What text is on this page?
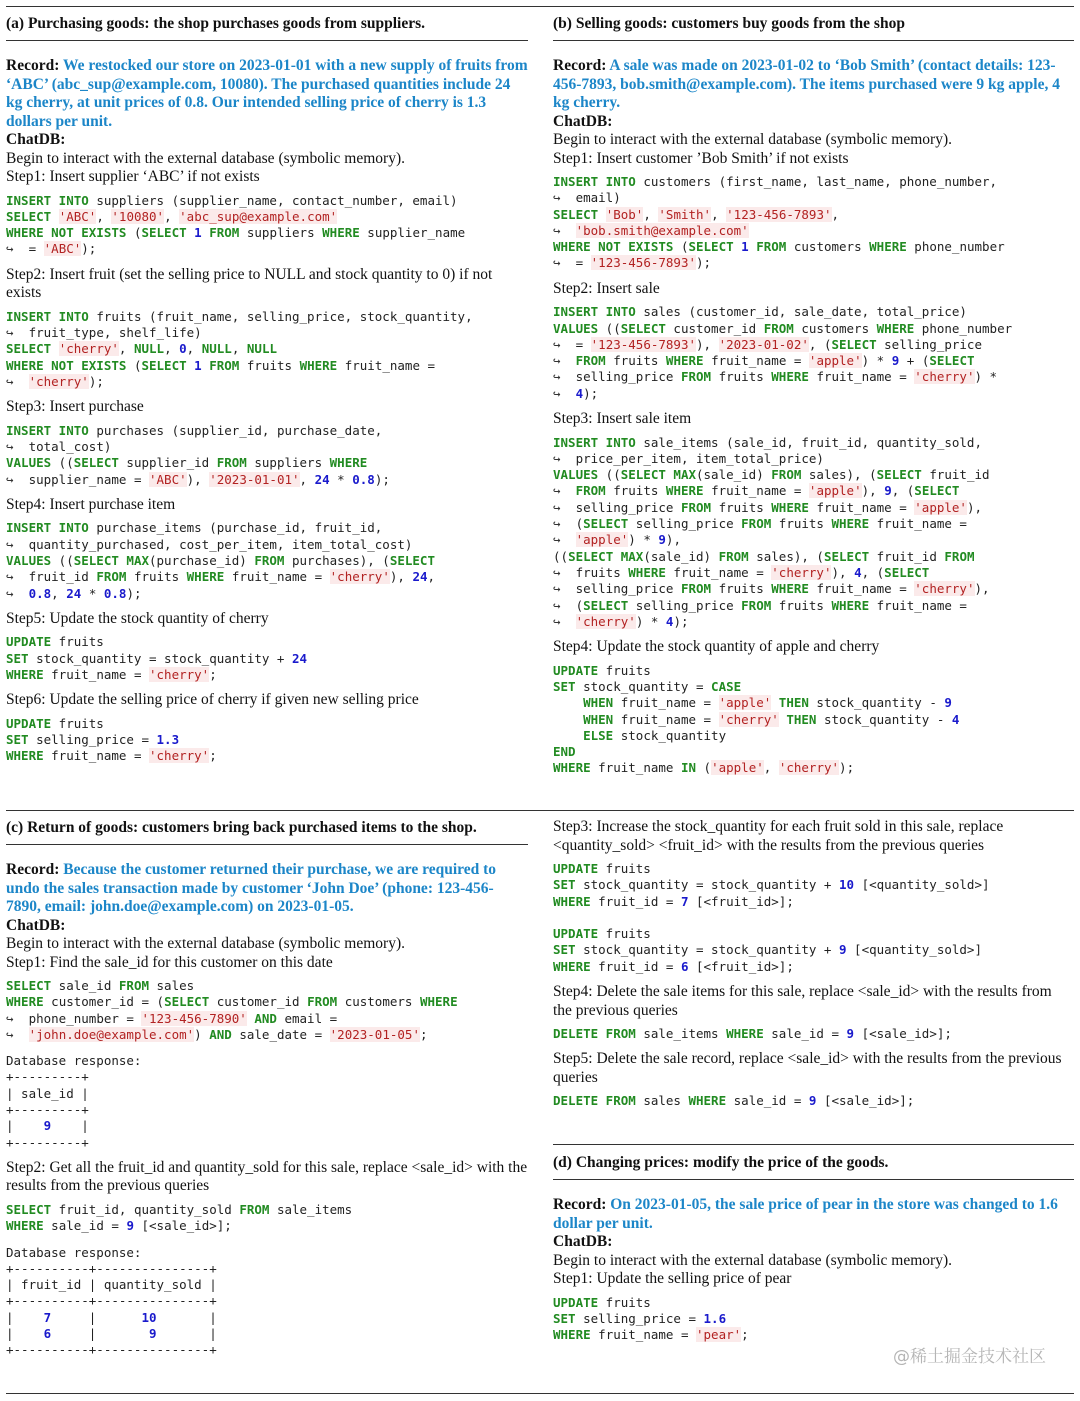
(a) Purchasing goods: the shop purchases goods from suppliers.
Record: We restocked our store on 2023-01-01 with a new supply of fruits from ‘ABC’ (abc_sup@example.com, 10080). The purchased quantities include 24 kg cherry, at unit prices of 0.8. Our intended selling price of cherry is 1.3 dollars per unit.
ChatDB:
Begin to interact with the external database (symbolic memory).
Step1: Insert supplier ‘ABC’ if not exists
INSERT INTO suppliers (supplier_name, contact_number, email)
SELECT 'ABC', '10080', 'abc_sup@example.com'
WHERE NOT EXISTS (SELECT 1 FROM suppliers WHERE supplier_name
↪  = 'ABC');
Step2: Insert fruit (set the selling price to NULL and stock quantity to 0) if not exists
INSERT INTO fruits (fruit_name, selling_price, stock_quantity,
↪  fruit_type, shelf_life)
SELECT 'cherry', NULL, 0, NULL, NULL
WHERE NOT EXISTS (SELECT 1 FROM fruits WHERE fruit_name =
↪ 'cherry');
Step3: Insert purchase
INSERT INTO purchases (supplier_id, purchase_date,
↪  total_cost)
VALUES ((SELECT supplier_id FROM suppliers WHERE
↪  supplier_name = 'ABC'), '2023-01-01', 24 * 0.8);
Step4: Insert purchase item
INSERT INTO purchase_items (purchase_id, fruit_id,
↪  quantity_purchased, cost_per_item, item_total_cost)
VALUES ((SELECT MAX(purchase_id) FROM purchases), (SELECT
↪  fruit_id FROM fruits WHERE fruit_name = 'cherry'), 24,
↪ 0.8, 24 * 0.8);
Step5: Update the stock quantity of cherry
UPDATE fruits
SET stock_quantity = stock_quantity + 24
WHERE fruit_name = 'cherry';
Step6: Update the selling price of cherry if given new selling price
UPDATE fruits
SET selling_price = 1.3
WHERE fruit_name = 'cherry';
(b) Selling goods: customers buy goods from the shop
Record: A sale was made on 2023-01-02 to ‘Bob Smith’ (contact details: 123-456-7893, bob.smith@example.com). The items purchased were 9 kg apple, 4 kg cherry.
ChatDB:
Begin to interact with the external database (symbolic memory).
Step1: Insert customer ’Bob Smith’ if not exists
INSERT INTO customers (first_name, last_name, phone_number,
↪  email)
SELECT 'Bob', 'Smith', '123-456-7893',
↪ 'bob.smith@example.com'
WHERE NOT EXISTS (SELECT 1 FROM customers WHERE phone_number
↪  = '123-456-7893');
Step2: Insert sale
INSERT INTO sales (customer_id, sale_date, total_price)
VALUES ((SELECT customer_id FROM customers WHERE phone_number
↪  = '123-456-7893'), '2023-01-02', (SELECT selling_price
↪ FROM fruits WHERE fruit_name = 'apple') * 9 + (SELECT
↪  selling_price FROM fruits WHERE fruit_name = 'cherry') *
↪ 4);
Step3: Insert sale item
INSERT INTO sale_items (sale_id, fruit_id, quantity_sold,
↪  price_per_item, item_total_price)
VALUES ((SELECT MAX(sale_id) FROM sales), (SELECT fruit_id
↪ FROM fruits WHERE fruit_name = 'apple'), 9, (SELECT
↪  selling_price FROM fruits WHERE fruit_name = 'apple'),
↪  (SELECT selling_price FROM fruits WHERE fruit_name =
↪ 'apple') * 9),
((SELECT MAX(sale_id) FROM sales), (SELECT fruit_id FROM
↪  fruits WHERE fruit_name = 'cherry'), 4, (SELECT
↪  selling_price FROM fruits WHERE fruit_name = 'cherry'),
↪  (SELECT selling_price FROM fruits WHERE fruit_name =
↪ 'cherry') * 4);
Step4: Update the stock quantity of apple and cherry
UPDATE fruits
SET stock_quantity = CASE
WHEN fruit_name = 'apple' THEN stock_quantity - 9
WHEN fruit_name = 'cherry' THEN stock_quantity - 4
ELSE stock_quantity
END
WHERE fruit_name IN ('apple', 'cherry');
(c) Return of goods: customers bring back purchased items to the shop.
Record: Because the customer returned their purchase, we are required to undo the sales transaction made by customer ‘John Doe’ (phone: 123-456-7890, email: john.doe@example.com) on 2023-01-05.
ChatDB:
Begin to interact with the external database (symbolic memory).
Step1: Find the sale_id for this customer on this date
SELECT sale_id FROM sales
WHERE customer_id = (SELECT customer_id FROM customers WHERE
↪  phone_number = '123-456-7890' AND email =
↪ 'john.doe@example.com') AND sale_date = '2023-01-05';
Database response:
+---------+
| sale_id |
+---------+
|    9    |
+---------+
Step2: Get all the fruit_id and quantity_sold for this sale, replace <sale_id> with the results from the previous queries
SELECT fruit_id, quantity_sold FROM sale_items
WHERE sale_id = 9 [<sale_id>];
Database response:
+----------+---------------+
| fruit_id | quantity_sold |
+----------+---------------+
|    7     |      10	|
|    6     |       9	|
+----------+---------------+
Step3: Increase the stock_quantity for each fruit sold in this sale, replace <quantity_sold> <fruit_id> with the results from the previous queries
UPDATE fruits
SET stock_quantity = stock_quantity + 10 [<quantity_sold>]
WHERE fruit_id = 7 [<fruit_id>];

UPDATE fruits
SET stock_quantity = stock_quantity + 9 [<quantity_sold>]
WHERE fruit_id = 6 [<fruit_id>];
Step4: Delete the sale items for this sale, replace <sale_id> with the results from the previous queries
DELETE FROM sale_items WHERE sale_id = 9 [<sale_id>];
Step5: Delete the sale record, replace <sale_id> with the results from the previous queries
DELETE FROM sales WHERE sale_id = 9 [<sale_id>];
(d) Changing prices: modify the price of the goods.
Record: On 2023-01-05, the sale price of pear in the store was changed to 1.6 dollar per unit.
ChatDB:
Begin to interact with the external database (symbolic memory).
Step1: Update the selling price of pear
UPDATE fruits
SET selling_price = 1.6
WHERE fruit_name = 'pear';
@稀土掘金技术社区
